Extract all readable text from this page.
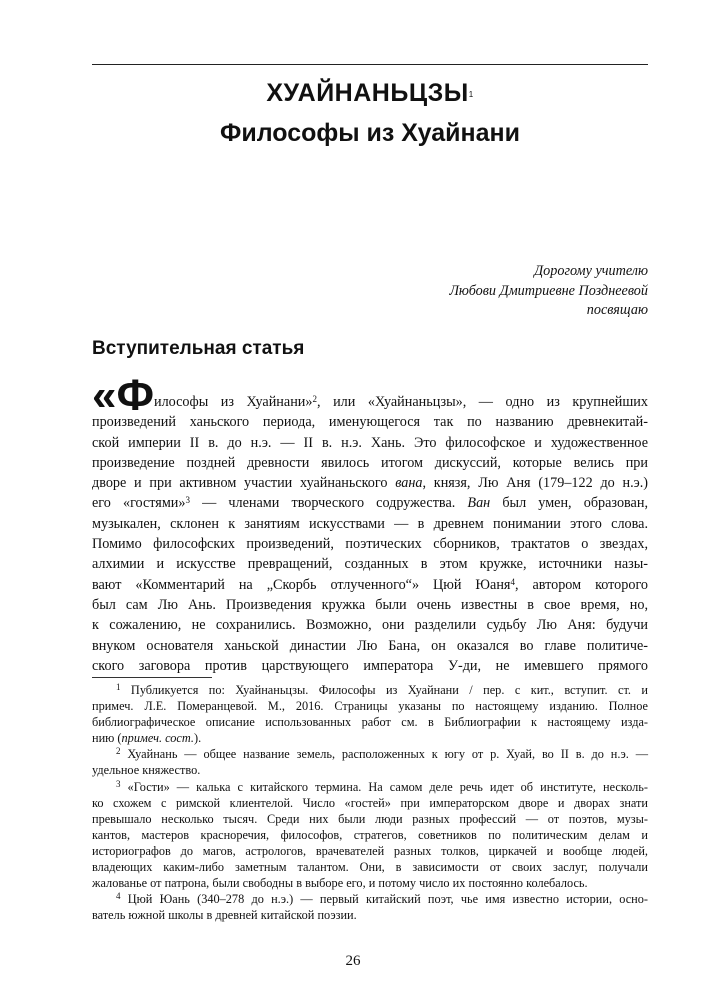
ХУАЙНАНЬЦЗЫ$^1$
Философы из Хуайнани
Дорогому учителю
Любови Дмитриевне Позднеевой
посвящаю
Вступительная статья
«Ф илософы из Хуайнани»$^2$, или «Хуайнаньцзы», — одно из крупнейших
произведений ханьского периода, именующегося так по названию древнекитай-
ской империи II в. до н.э. — II в. н.э. Хань. Это философское и художественное
произведение поздней древности явилось итогом дискуссий, которые велись при
дворе и при активном участии хуайнаньского вана, князя, Лю Аня (179–122 до н.э.)
его «гостями»$^3$ — членами творческого содружества. Ван был умен, образован,
музыкален, склонен к занятиям искусствами — в древнем понимании этого слова.
Помимо философских произведений, поэтических сборников, трактатов о звездах,
алхимии и искусстве превращений, созданных в этом кружке, источники назы-
вают «Комментарий на „Скорбь отлученного“» Цюй Юаня$^4$, автором которого
был сам Лю Ань. Произведения кружка были очень известны в свое время, но,
к сожалению, не сохранились. Возможно, они разделили судьбу Лю Аня: будучи
внуком основателя ханьской династии Лю Бана, он оказался во главе политиче-
ского заговора против царствующего императора У-ди, не имевшего прямого
$^1$ Публикуется по: Хуайнаньцзы. Философы из Хуайнани / пер. с кит., вступит. ст. и
примеч. Л.Е. Померанцевой. М., 2016. Страницы указаны по настоящему изданию. Полное
библиографическое описание использованных работ см. в Библиографии к настоящему изда-
нию (примеч. сост.).
$^2$ Хуайнань — общее название земель, расположенных к югу от р. Хуай, во II в. до н.э. —
удельное княжество.
$^3$ «Гости» — калька с китайского термина. На самом деле речь идет об институте, несколь-
ко схожем с римской клиентелой. Число «гостей» при императорском дворе и дворах знати
превышало несколько тысяч. Среди них были люди разных профессий — от поэтов, музы-
кантов, мастеров красноречия, философов, стратегов, советников по политическим делам и
историографов до магов, астрологов, врачевателей разных толков, циркачей и вообще людей,
владеющих каким-либо заметным талантом. Они, в зависимости от своих заслуг, получали
жалованье от патрона, были свободны в выборе его, и потому число их постоянно колебалось.
$^4$ Цюй Юань (340–278 до н.э.) — первый китайский поэт, чье имя известно истории, осно-
ватель южной школы в древней китайской поэзии.
26
